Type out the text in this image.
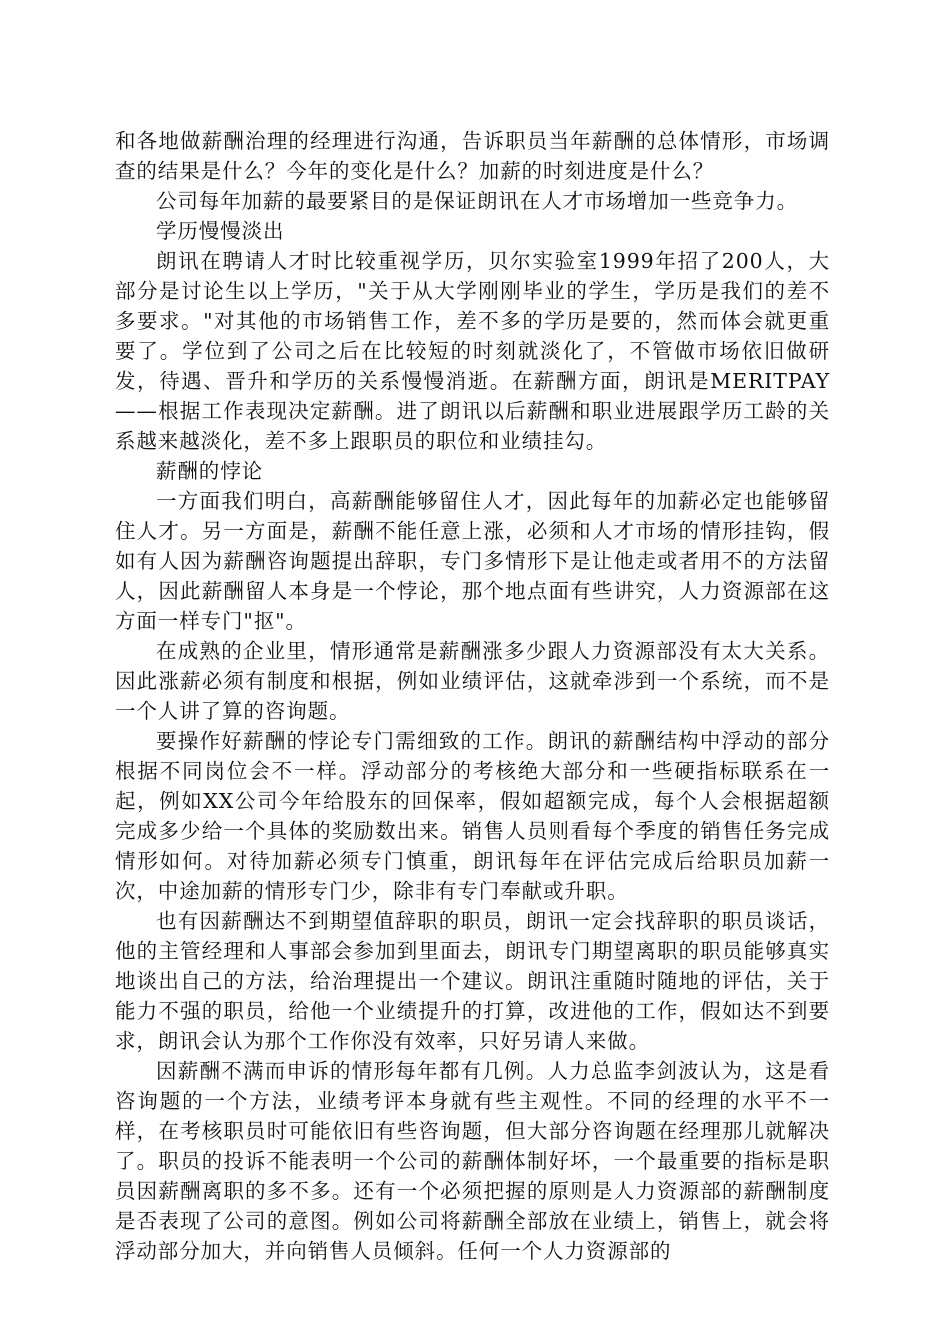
和各地做薪酬治理的经理进行沟通，告诉职员当年薪酬的总体情形，市场调查的结果是什么？今年的变化是什么？加薪的时刻进度是什么？

公司每年加薪的最要紧目的是保证朗讯在人才市场增加一些竞争力。

学历慢慢淡出

朗讯在聘请人才时比较重视学历，贝尔实验室1999年招了200人，大部分是讨论生以上学历，"关于从大学刚刚毕业的学生，学历是我们的差不多要求。"对其他的市场销售工作，差不多的学历是要的，然而体会就更重要了。学位到了公司之后在比较短的时刻就淡化了，不管做市场依旧做研发，待遇、晋升和学历的关系慢慢消逝。在薪酬方面，朗讯是MERITPAY——根据工作表现决定薪酬。进了朗讯以后薪酬和职业进展跟学历工龄的关系越来越淡化，差不多上跟职员的职位和业绩挂勾。

薪酬的悖论

一方面我们明白，高薪酬能够留住人才，因此每年的加薪必定也能够留住人才。另一方面是，薪酬不能任意上涨，必须和人才市场的情形挂钩，假如有人因为薪酬咨询题提出辞职，专门多情形下是让他走或者用不的方法留人，因此薪酬留人本身是一个悖论，那个地点面有些讲究，人力资源部在这方面一样专门"抠"。

在成熟的企业里，情形通常是薪酬涨多少跟人力资源部没有太大关系。因此涨薪必须有制度和根据，例如业绩评估，这就牵涉到一个系统，而不是一个人讲了算的咨询题。

要操作好薪酬的悖论专门需细致的工作。朗讯的薪酬结构中浮动的部分根据不同岗位会不一样。浮动部分的考核绝大部分和一些硬指标联系在一起，例如XX公司今年给股东的回保率，假如超额完成，每个人会根据超额完成多少给一个具体的奖励数出来。销售人员则看每个季度的销售任务完成情形如何。对待加薪必须专门慎重，朗讯每年在评估完成后给职员加薪一次，中途加薪的情形专门少，除非有专门奉献或升职。

也有因薪酬达不到期望值辞职的职员，朗讯一定会找辞职的职员谈话，他的主管经理和人事部会参加到里面去，朗讯专门期望离职的职员能够真实地谈出自己的方法，给治理提出一个建议。朗讯注重随时随地的评估，关于能力不强的职员，给他一个业绩提升的打算，改进他的工作，假如达不到要求，朗讯会认为那个工作你没有效率，只好另请人来做。

因薪酬不满而申诉的情形每年都有几例。人力总监李剑波认为，这是看咨询题的一个方法，业绩考评本身就有些主观性。不同的经理的水平不一样，在考核职员时可能依旧有些咨询题，但大部分咨询题在经理那儿就解决了。职员的投诉不能表明一个公司的薪酬体制好坏，一个最重要的指标是职员因薪酬离职的多不多。还有一个必须把握的原则是人力资源部的薪酬制度是否表现了公司的意图。例如公司将薪酬全部放在业绩上，销售上，就会将浮动部分加大，并向销售人员倾斜。任何一个人力资源部的
